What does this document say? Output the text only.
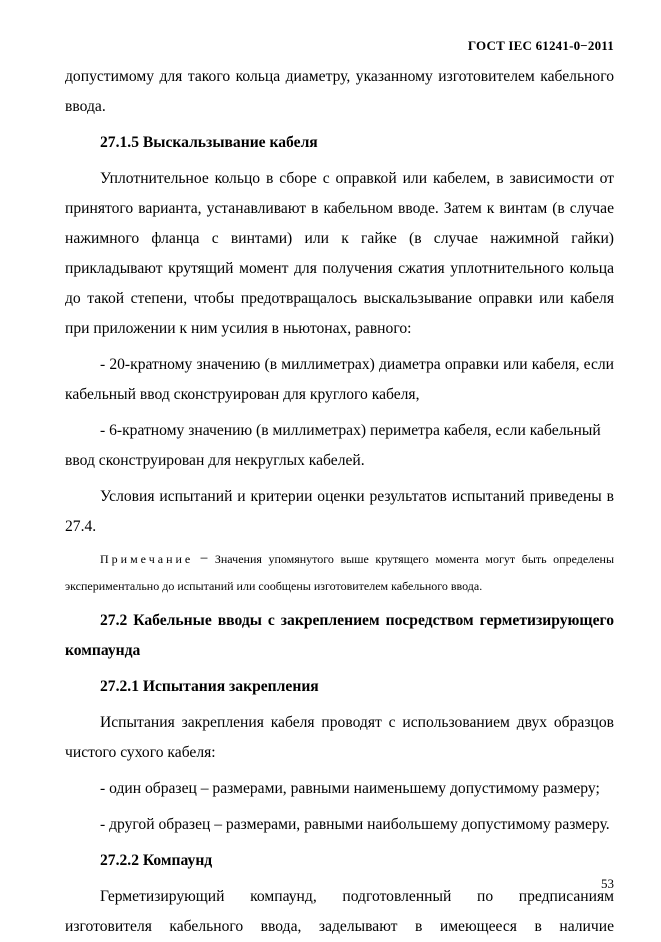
ГОСТ IEC 61241-0−2011

допустимому для такого кольца диаметру, указанному изготовителем кабельного ввода.

27.1.5 Выскальзывание кабеля

Уплотнительное кольцо в сборе с оправкой или кабелем, в зависимости от принятого варианта, устанавливают в кабельном вводе. Затем к винтам (в случае нажимного фланца с винтами) или к гайке (в случае нажимной гайки) прикладывают крутящий момент для получения сжатия уплотнительного кольца до такой степени, чтобы предотвращалось выскальзывание оправки или кабеля при приложении к ним усилия в ньютонах, равного:

- 20-кратному значению (в миллиметрах) диаметра оправки или кабеля, если кабельный ввод сконструирован для круглого кабеля,

- 6-кратному значению (в миллиметрах) периметра кабеля, если кабельный ввод сконструирован для некруглых кабелей.

Условия испытаний и критерии оценки результатов испытаний приведены в 27.4.

Примечание − Значения упомянутого выше крутящего момента могут быть определены экспериментально до испытаний или сообщены изготовителем кабельного ввода.

27.2 Кабельные вводы с закреплением посредством герметизирующего компаунда

27.2.1 Испытания закрепления

Испытания закрепления кабеля проводят с использованием двух образцов чистого сухого кабеля:

- один образец – размерами, равными наименьшему допустимому размеру;

- другой образец – размерами, равными наибольшему допустимому размеру.

27.2.2 Компаунд

Герметизирующий компаунд, подготовленный по предписаниям изготовителя кабельного ввода, заделывают в имеющееся в наличие

53
